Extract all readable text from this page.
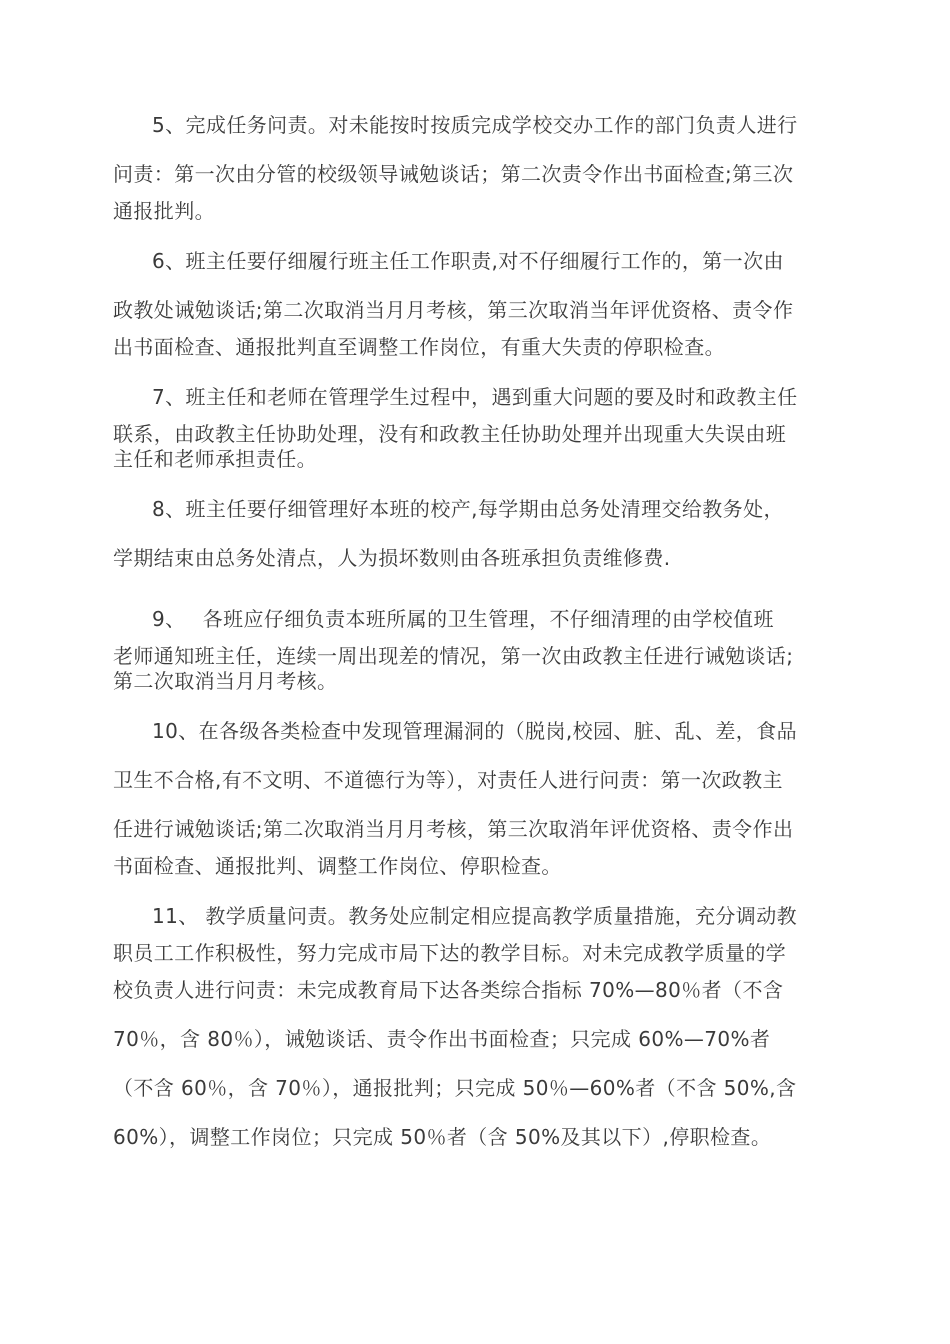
5、完成任务问责。对未能按时按质完成学校交办工作的部门负责人进行
问责：第一次由分管的校级领导诫勉谈话；第二次责令作出书面检查;第三次
通报批判。
6、班主任要仔细履行班主任工作职责,对不仔细履行工作的，第一次由
政教处诫勉谈话;第二次取消当月月考核，第三次取消当年评优资格、责令作
出书面检查、通报批判直至调整工作岗位，有重大失责的停职检查。
7、班主任和老师在管理学生过程中，遇到重大问题的要及时和政教主任
联系，由政教主任协助处理，没有和政教主任协助处理并出现重大失误由班
主任和老师承担责任。
8、班主任要仔细管理好本班的校产,每学期由总务处清理交给教务处，
学期结束由总务处清点，人为损坏数则由各班承担负责维修费.
9、　 各班应仔细负责本班所属的卫生管理，不仔细清理的由学校值班
老师通知班主任，连续一周出现差的情况，第一次由政教主任进行诫勉谈话;
第二次取消当月月考核。
10、在各级各类检查中发现管理漏洞的（脱岗,校园、脏、乱、差，食品
卫生不合格,有不文明、不道德行为等），对责任人进行问责：第一次政教主
任进行诫勉谈话;第二次取消当月月考核，第三次取消年评优资格、责令作出
书面检查、通报批判、调整工作岗位、停职检查。
11、 教学质量问责。教务处应制定相应提高教学质量措施，充分调动教
职员工工作积极性，努力完成市局下达的教学目标。对未完成教学质量的学
校负责人进行问责：未完成教育局下达各类综合指标 70%—80％者（不含
70％，含 80％），诫勉谈话、责令作出书面检查；只完成 60%—70%者
（不含 60％，含 70％），通报批判；只完成 50％—60%者（不含 50%,含
60%），调整工作岗位；只完成 50％者（含 50%及其以下）,停职检查。
